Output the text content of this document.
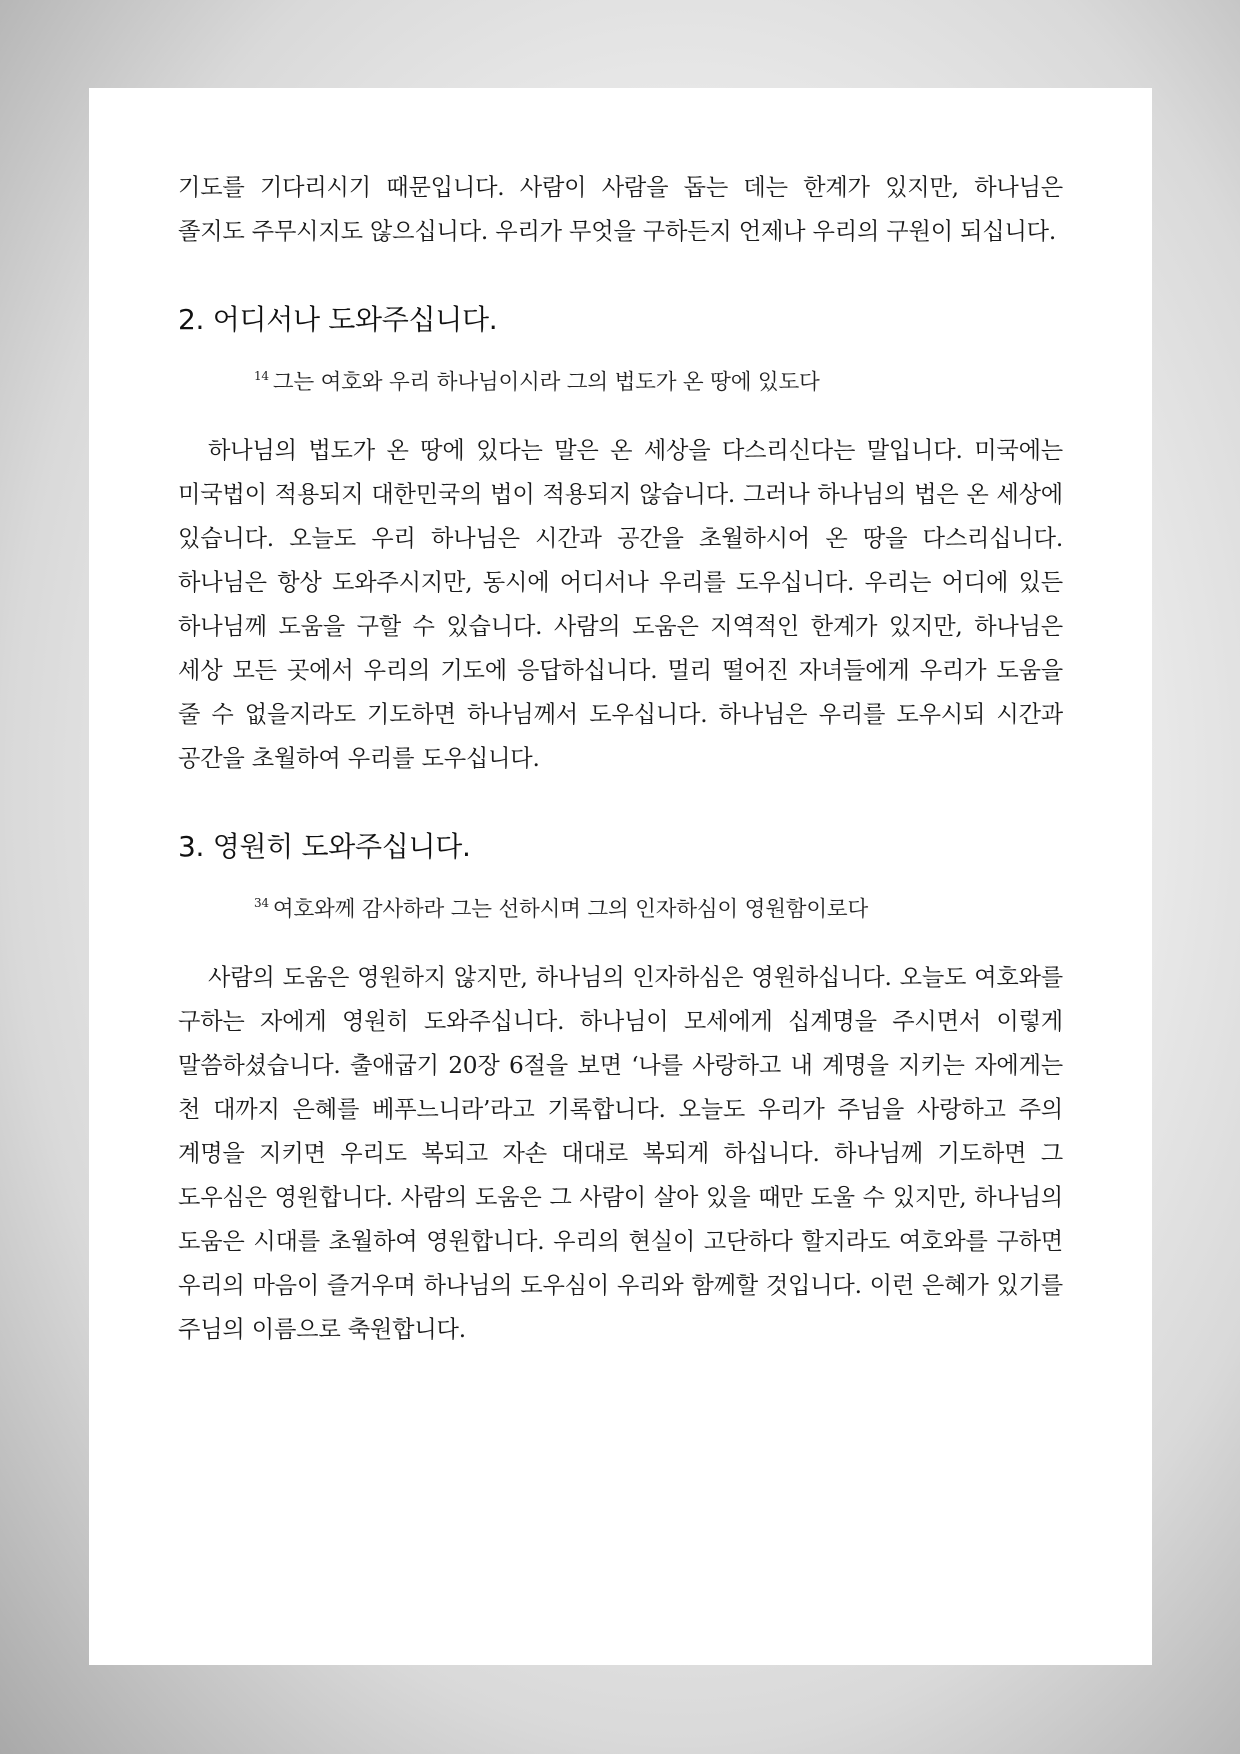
기도를 기다리시기 때문입니다. 사람이 사람을 돕는 데는 한계가 있지만, 하나님은 졸지도 주무시지도 않으십니다. 우리가 무엇을 구하든지 언제나 우리의 구원이 되십니다.

2. 어디서나 도와주십니다.
$^{14}$ 그는 여호와 우리 하나님이시라 그의 법도가 온 땅에 있도다

하나님의 법도가 온 땅에 있다는 말은 온 세상을 다스리신다는 말입니다. 미국에는 미국법이 적용되지 대한민국의 법이 적용되지 않습니다. 그러나 하나님의 법은 온 세상에 있습니다. 오늘도 우리 하나님은 시간과 공간을 초월하시어 온 땅을 다스리십니다. 하나님은 항상 도와주시지만, 동시에 어디서나 우리를 도우십니다. 우리는 어디에 있든 하나님께 도움을 구할 수 있습니다. 사람의 도움은 지역적인 한계가 있지만, 하나님은 세상 모든 곳에서 우리의 기도에 응답하십니다. 멀리 떨어진 자녀들에게 우리가 도움을 줄 수 없을지라도 기도하면 하나님께서 도우십니다. 하나님은 우리를 도우시되 시간과 공간을 초월하여 우리를 도우십니다.

3. 영원히 도와주십니다.
$^{34}$ 여호와께 감사하라 그는 선하시며 그의 인자하심이 영원함이로다

사람의 도움은 영원하지 않지만, 하나님의 인자하심은 영원하십니다. 오늘도 여호와를 구하는 자에게 영원히 도와주십니다. 하나님이 모세에게 십계명을 주시면서 이렇게 말씀하셨습니다. 출애굽기 20장 6절을 보면 ‘나를 사랑하고 내 계명을 지키는 자에게는 천 대까지 은혜를 베푸느니라’라고 기록합니다. 오늘도 우리가 주님을 사랑하고 주의 계명을 지키면 우리도 복되고 자손 대대로 복되게 하십니다. 하나님께 기도하면 그 도우심은 영원합니다. 사람의 도움은 그 사람이 살아 있을 때만 도울 수 있지만, 하나님의 도움은 시대를 초월하여 영원합니다. 우리의 현실이 고단하다 할지라도 여호와를 구하면 우리의 마음이 즐거우며 하나님의 도우심이 우리와 함께할 것입니다. 이런 은혜가 있기를 주님의 이름으로 축원합니다.
